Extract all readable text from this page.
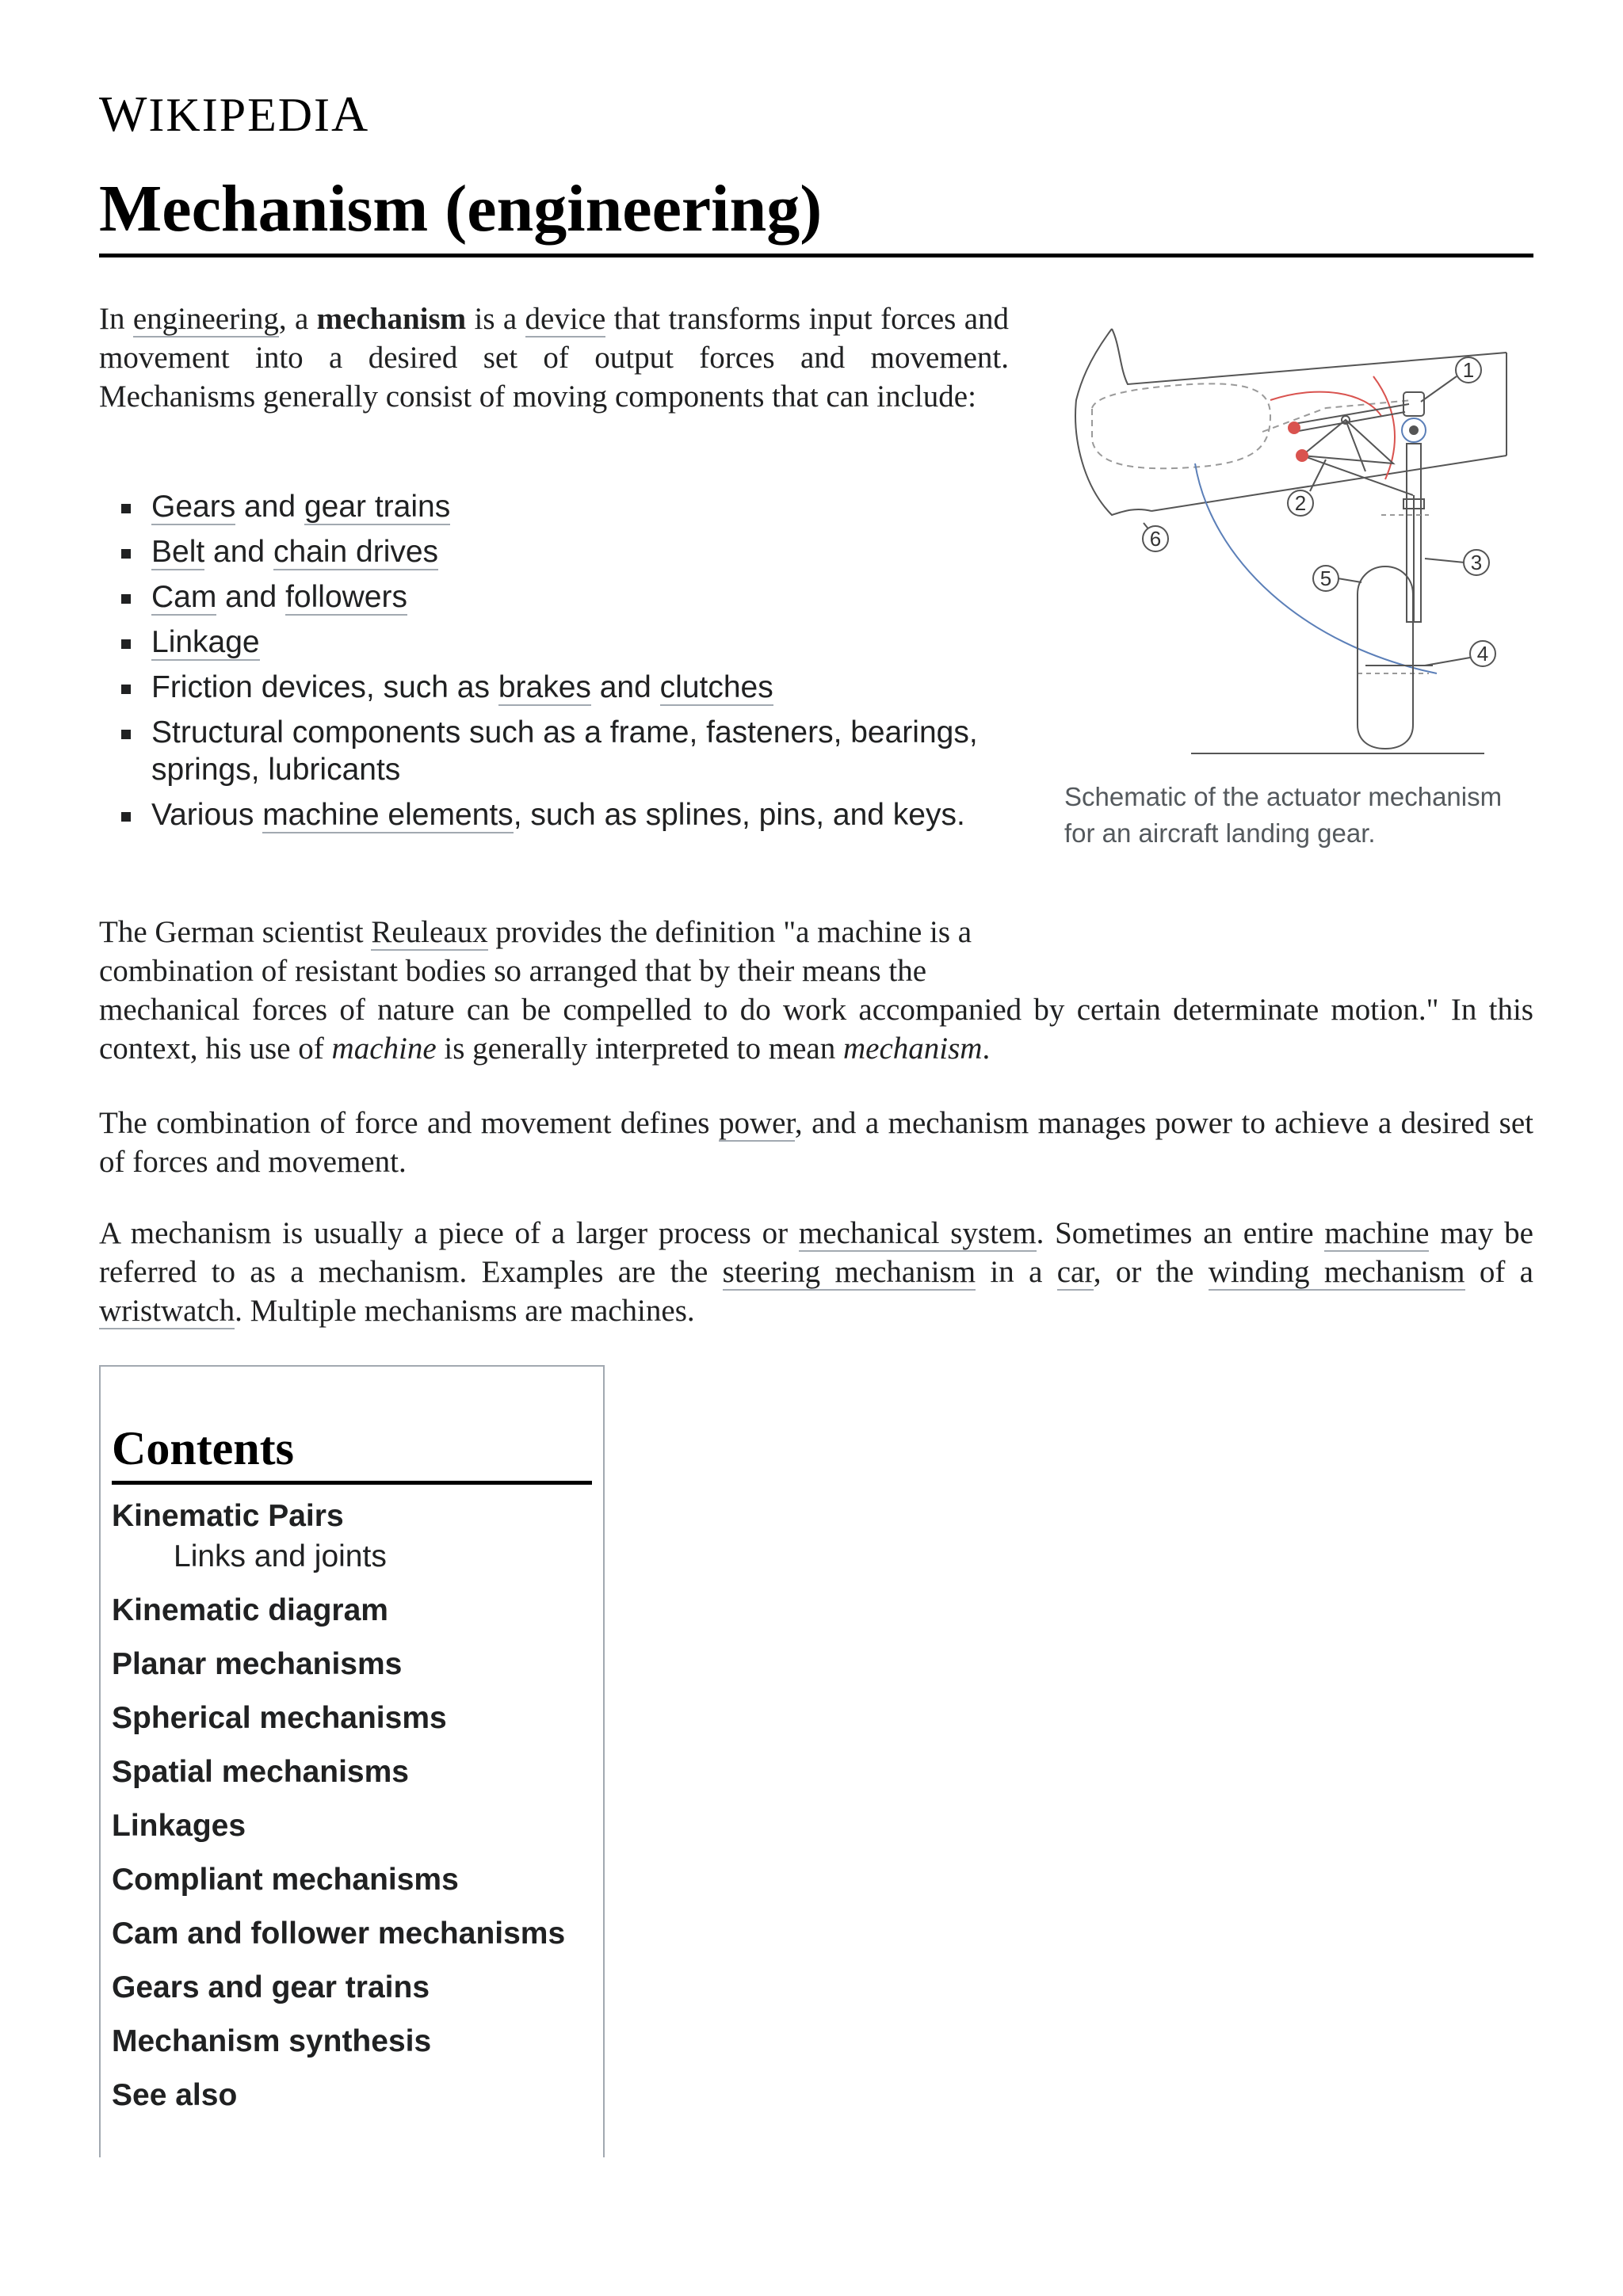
WIKIPEDIA
Mechanism (engineering)

In engineering, a mechanism is a device that transforms input forces and movement into a desired set of output forces and movement. Mechanisms generally consist of moving components that can include:

Gears and gear trains
Belt and chain drives
Cam and followers
Linkage
Friction devices, such as brakes and clutches
Structural components such as a frame, fasteners, bearings, springs, lubricants
Various machine elements, such as splines, pins, and keys.
1
2
3
4
5
6
Schematic of the actuator mechanism for an aircraft landing gear.

The German scientist Reuleaux provides the definition "a machine is a combination of resistant bodies so arranged that by their means the
mechanical forces of nature can be compelled to do work accompanied by certain determinate motion." In this context, his use of machine is generally interpreted to mean mechanism.

The combination of force and movement defines power, and a mechanism manages power to achieve a desired set of forces and movement.

A mechanism is usually a piece of a larger process or mechanical system. Sometimes an entire machine may be referred to as a mechanism. Examples are the steering mechanism in a car, or the winding mechanism of a wristwatch. Multiple mechanisms are machines.

Contents
Kinematic Pairs
Links and joints
Kinematic diagram
Planar mechanisms
Spherical mechanisms
Spatial mechanisms
Linkages
Compliant mechanisms
Cam and follower mechanisms
Gears and gear trains
Mechanism synthesis
See also
